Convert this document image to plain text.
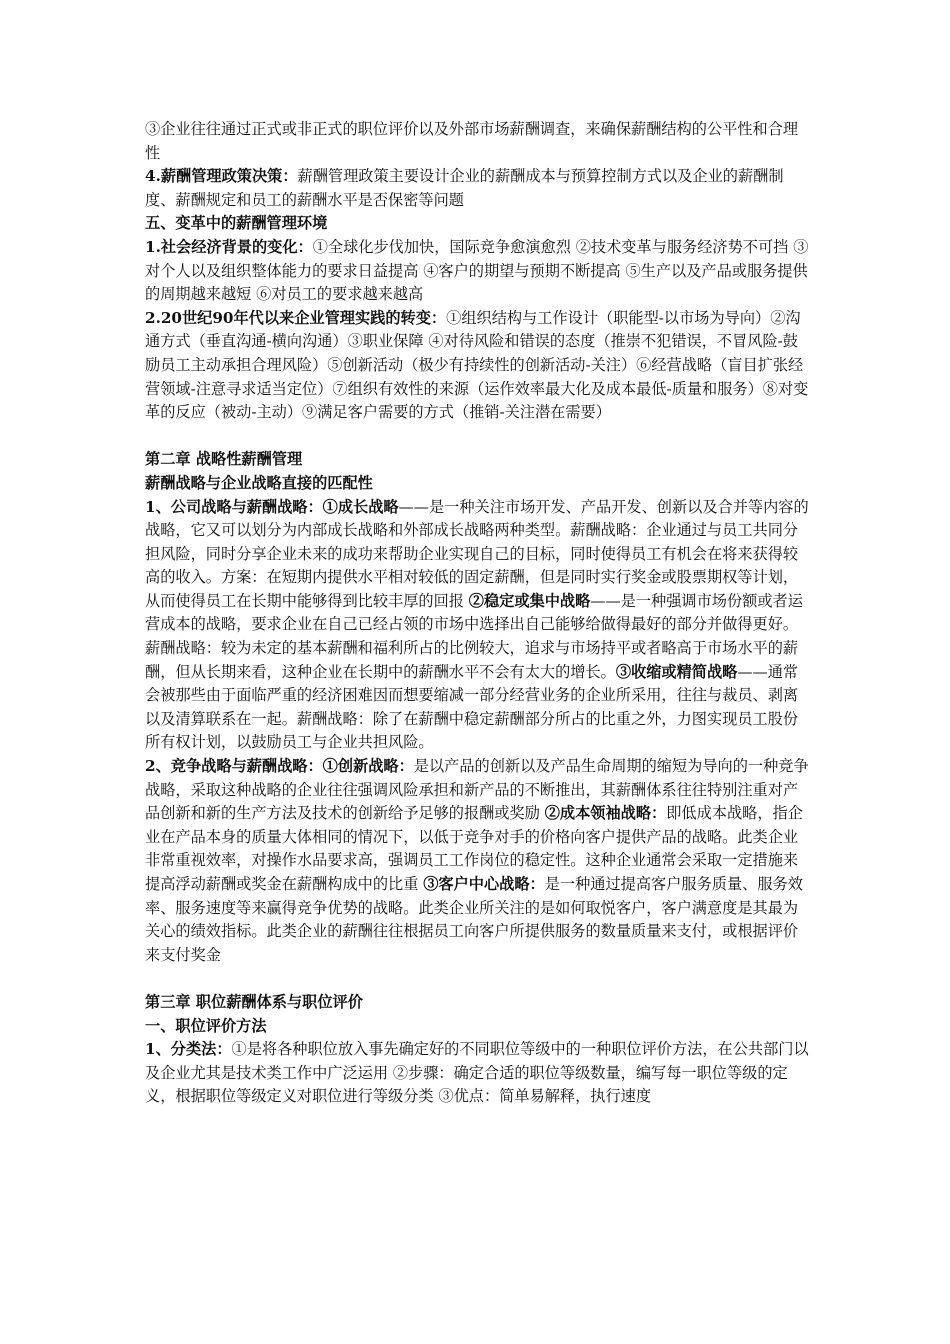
③企业往往通过正式或非正式的职位评价以及外部市场薪酬调查，来确保薪酬结构的公平性和合理性

4.薪酬管理政策决策：薪酬管理政策主要设计企业的薪酬成本与预算控制方式以及企业的薪酬制度、薪酬规定和员工的薪酬水平是否保密等问题

五、变革中的薪酬管理环境

1.社会经济背景的变化：①全球化步伐加快，国际竞争愈演愈烈 ②技术变革与服务经济势不可挡 ③对个人以及组织整体能力的要求日益提高 ④客户的期望与预期不断提高 ⑤生产以及产品或服务提供的周期越来越短 ⑥对员工的要求越来越高

2.20世纪90年代以来企业管理实践的转变：①组织结构与工作设计（职能型-以市场为导向）②沟通方式（垂直沟通-横向沟通）③职业保障 ④对待风险和错误的态度（推崇不犯错误，不冒风险-鼓励员工主动承担合理风险）⑤创新活动（极少有持续性的创新活动-关注）⑥经营战略（盲目扩张经营领域-注意寻求适当定位）⑦组织有效性的来源（运作效率最大化及成本最低-质量和服务）⑧对变革的反应（被动-主动）⑨满足客户需要的方式（推销-关注潜在需要）

第二章 战略性薪酬管理

薪酬战略与企业战略直接的匹配性

1、公司战略与薪酬战略：①成长战略——是一种关注市场开发、产品开发、创新以及合并等内容的战略，它又可以划分为内部成长战略和外部成长战略两种类型。薪酬战略：企业通过与员工共同分担风险，同时分享企业未来的成功来帮助企业实现自己的目标，同时使得员工有机会在将来获得较高的收入。方案：在短期内提供水平相对较低的固定薪酬，但是同时实行奖金或股票期权等计划，从而使得员工在长期中能够得到比较丰厚的回报 ②稳定或集中战略——是一种强调市场份额或者运营成本的战略，要求企业在自己已经占领的市场中选择出自己能够给做得最好的部分并做得更好。薪酬战略：较为未定的基本薪酬和福利所占的比例较大，追求与市场持平或者略高于市场水平的薪酬，但从长期来看，这种企业在长期中的薪酬水平不会有太大的增长。③收缩或精简战略——通常会被那些由于面临严重的经济困难因而想要缩减一部分经营业务的企业所采用，往往与裁员、剥离以及清算联系在一起。薪酬战略：除了在薪酬中稳定薪酬部分所占的比重之外，力图实现员工股份所有权计划，以鼓励员工与企业共担风险。

2、竞争战略与薪酬战略：①创新战略：是以产品的创新以及产品生命周期的缩短为导向的一种竞争战略，采取这种战略的企业往往强调风险承担和新产品的不断推出，其薪酬体系往往特别注重对产品创新和新的生产方法及技术的创新给予足够的报酬或奖励 ②成本领袖战略：即低成本战略，指企业在产品本身的质量大体相同的情况下，以低于竞争对手的价格向客户提供产品的战略。此类企业非常重视效率，对操作水品要求高，强调员工工作岗位的稳定性。这种企业通常会采取一定措施来提高浮动薪酬或奖金在薪酬构成中的比重 ③客户中心战略：是一种通过提高客户服务质量、服务效率、服务速度等来赢得竞争优势的战略。此类企业所关注的是如何取悦客户，客户满意度是其最为关心的绩效指标。此类企业的薪酬往往根据员工向客户所提供服务的数量质量来支付，或根据评价来支付奖金

第三章 职位薪酬体系与职位评价

一、职位评价方法

1、分类法：①是将各种职位放入事先确定好的不同职位等级中的一种职位评价方法，在公共部门以及企业尤其是技术类工作中广泛运用 ②步骤：确定合适的职位等级数量，编写每一职位等级的定义，根据职位等级定义对职位进行等级分类 ③优点：简单易解释，执行速度
